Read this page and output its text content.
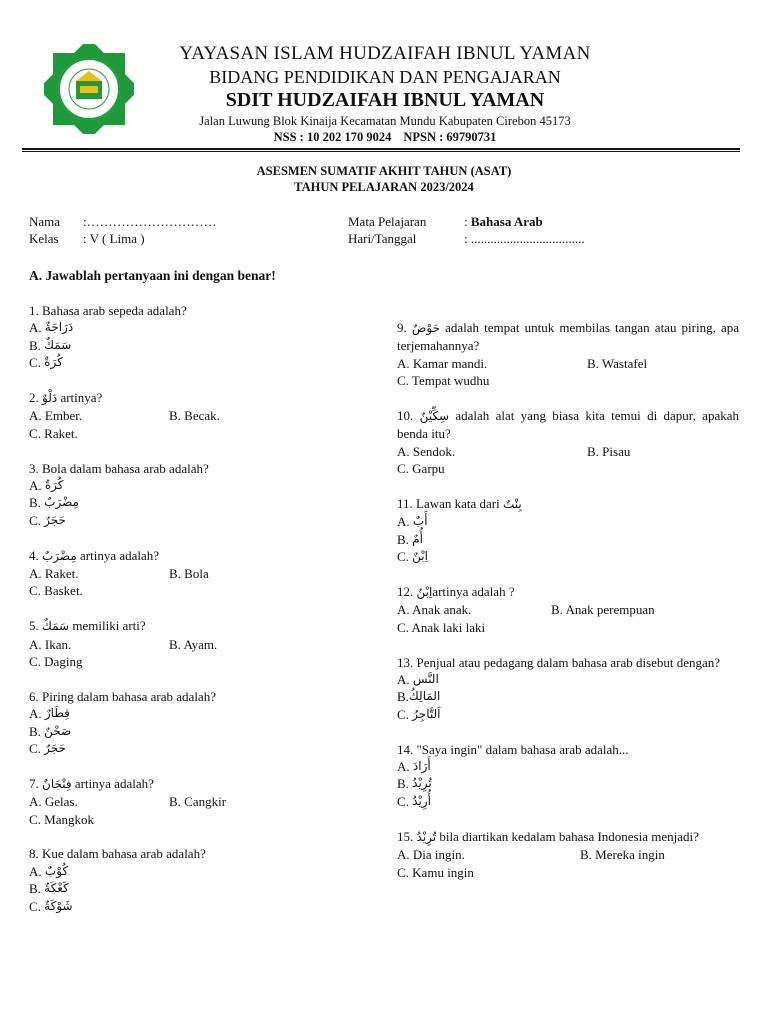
YAYASAN ISLAM HUDZAIFAH IBNUL YAMAN
BIDANG PENDIDIKAN DAN PENGAJARAN
SDIT HUDZAIFAH IBNUL YAMAN
Jalan Luwung Blok Kinaija Kecamatan Mundu Kabupaten Cirebon 45173
NSS : 10 202 170 9024 NPSN : 69790731
ASESMEN SUMATIF AKHIT TAHUN (ASAT)
TAHUN PELAJARAN 2023/2024
Nama :…………………………
Kelas : V ( Lima )
Mata Pelajaran	: Bahasa Arab
Hari/Tanggal	: ...................................
A. Jawablah pertanyaan ini dengan benar!
1. Bahasa arab sepeda adalah?
A.
دَرَاجَةٌ
B.
سَمَكٌ
C.
كُرَةٌ
2. دَلْوٌ artinya?
A. Ember.	B. Becak.
C. Raket.
3. Bola dalam bahasa arab adalah?
A.
كُرَةٌ
B.
مِضْرَبٌ
C.
حَجَرٌ
4. مِضْرَبٌ artinya adalah?
A. Raket.	B. Bola
C. Basket.
5. سَمَكٌ memiliki arti?
A. Ikan.	B. Ayam.
C. Daging
6. Piring dalam bahasa arab adalah?
A.
قِطَارٌ
B.
صَحْنٌ
C.
حَجَرٌ
7. فِنْجَانٌ artinya adalah?
A. Gelas.	B. Cangkir
C. Mangkok
8. Kue dalam bahasa arab adalah?
A.
كُوْبٌ
B.
كَعْكَةٌ
C.
شَوْكَةٌ
9. حَوْضٌ adalah tempat untuk membilas tangan atau piring, apa terjemahannya?
A. Kamar mandi.	B. Wastafel
C. Tempat wudhu
10. سِكِّيْنٌ adalah alat yang biasa kita temui di dapur, apakah benda itu?
A. Sendok.	B. Pisau
C. Garpu
11. Lawan kata dari بِنْتٌ
A.
أَبٌ
B.
أُمٌ
C.
اِبْنٌ
12. اِبْنٌartinya adalah ?
A. Anak anak.	B. Anak perempuan
C. Anak laki laki
13. Penjual atau pedagang dalam bahasa arab disebut dengan?
A.
النَّس
B. المَالِكُ
C.
اَلتَّاجِرُ
14. "Saya ingin" dalam bahasa arab adalah...
A.
أَرَادَ
B.
تُرِيْدُ
C.
أُرِيْدُ
15. تُرِيْدُ bila diartikan kedalam bahasa Indonesia menjadi?
A. Dia ingin.	B. Mereka ingin
C. Kamu ingin
